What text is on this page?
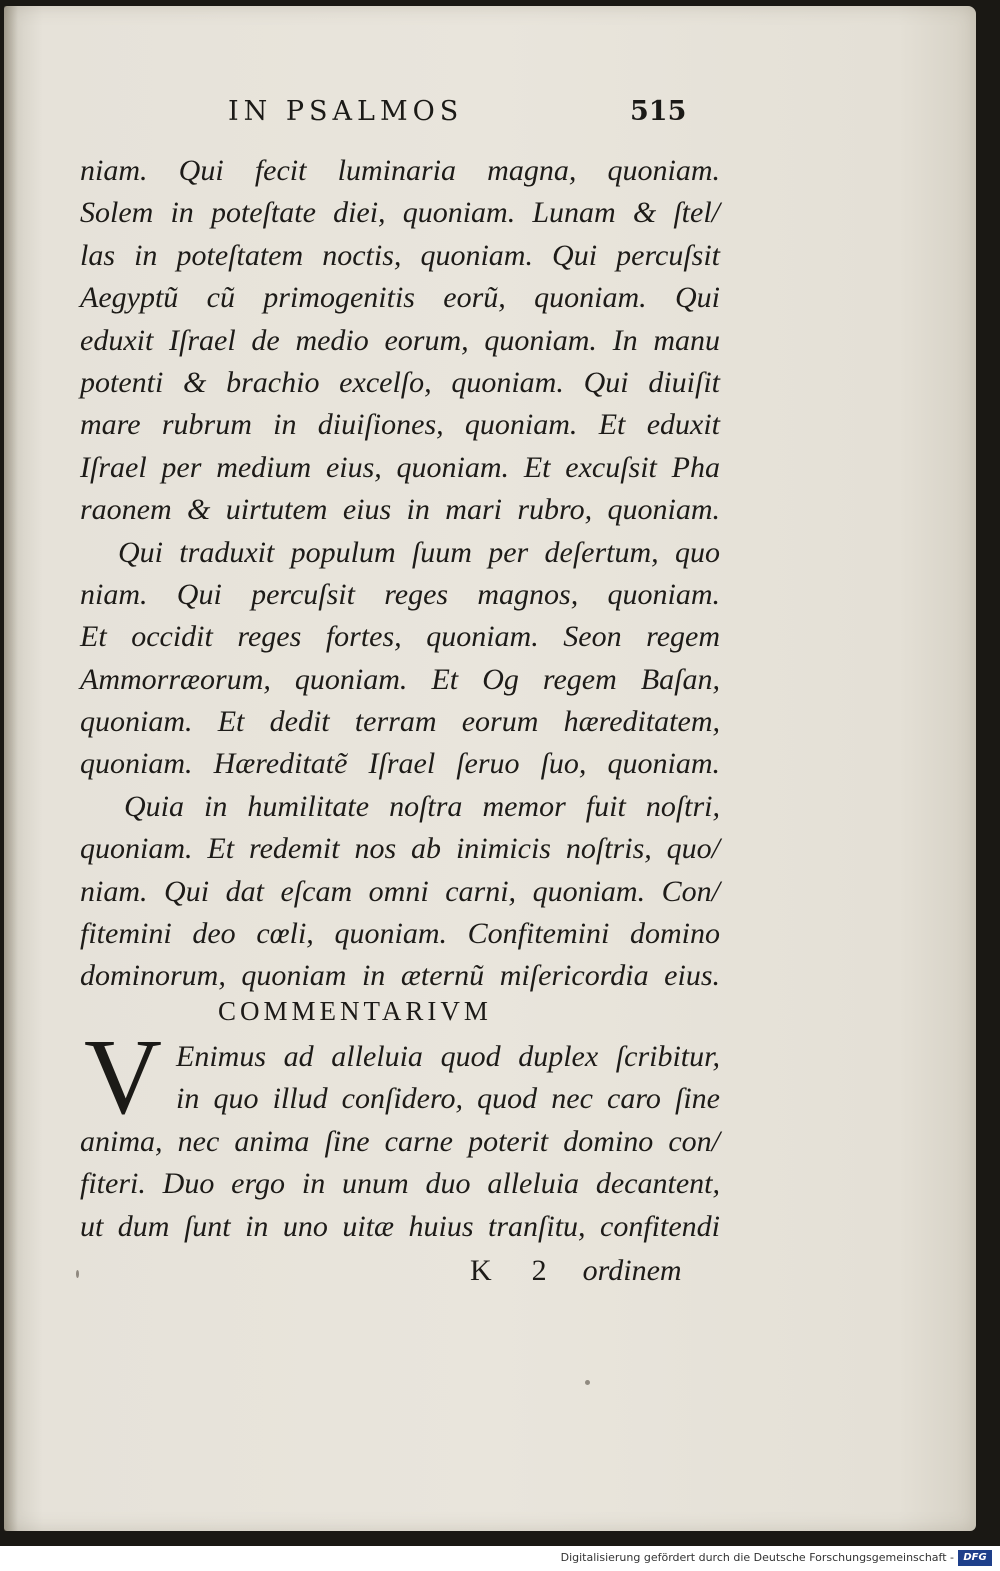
IN PSALMOS	515
niam. Qui fecit luminaria magna, quoniam.
Solem in poteſtate diei, quoniam. Lunam & ſtel/
las in poteſtatem noctis, quoniam. Qui percuſsit
Aegyptũ cũ primogenitis eorũ, quoniam. Qui
eduxit Iſrael de medio eorum, quoniam. In manu
potenti & brachio excelſo, quoniam. Qui diuiſit
mare rubrum in diuiſiones, quoniam. Et eduxit
Iſrael per medium eius, quoniam. Et excuſsit Pha
raonem & uirtutem eius in mari rubro, quoniam.
Qui traduxit populum ſuum per deſertum, quo
niam. Qui percuſsit reges magnos, quoniam.
Et occidit reges fortes, quoniam. Seon regem
Ammorræorum, quoniam. Et Og regem Baſan,
quoniam. Et dedit terram eorum hæreditatem,
quoniam. Hæreditatẽ Iſrael ſeruo ſuo, quoniam.
Quia in humilitate noſtra memor fuit noſtri,
quoniam. Et redemit nos ab inimicis noſtris, quo/
niam. Qui dat eſcam omni carni, quoniam. Con/
fitemini deo cœli, quoniam. Confitemini domino
dominorum, quoniam in æternũ miſericordia eius.
COMMENTARIVM
V Enimus ad alleluia quod duplex ſcribitur,
in quo illud conſidero, quod nec caro ſine
anima, nec anima ſine carne poterit domino con/
fiteri. Duo ergo in unum duo alleluia decantent,
ut dum ſunt in uno uitæ huius tranſitu, confitendi
K 2 ordinem
Digitalisierung gefördert durch die Deutsche Forschungsgemeinschaft - DFG
